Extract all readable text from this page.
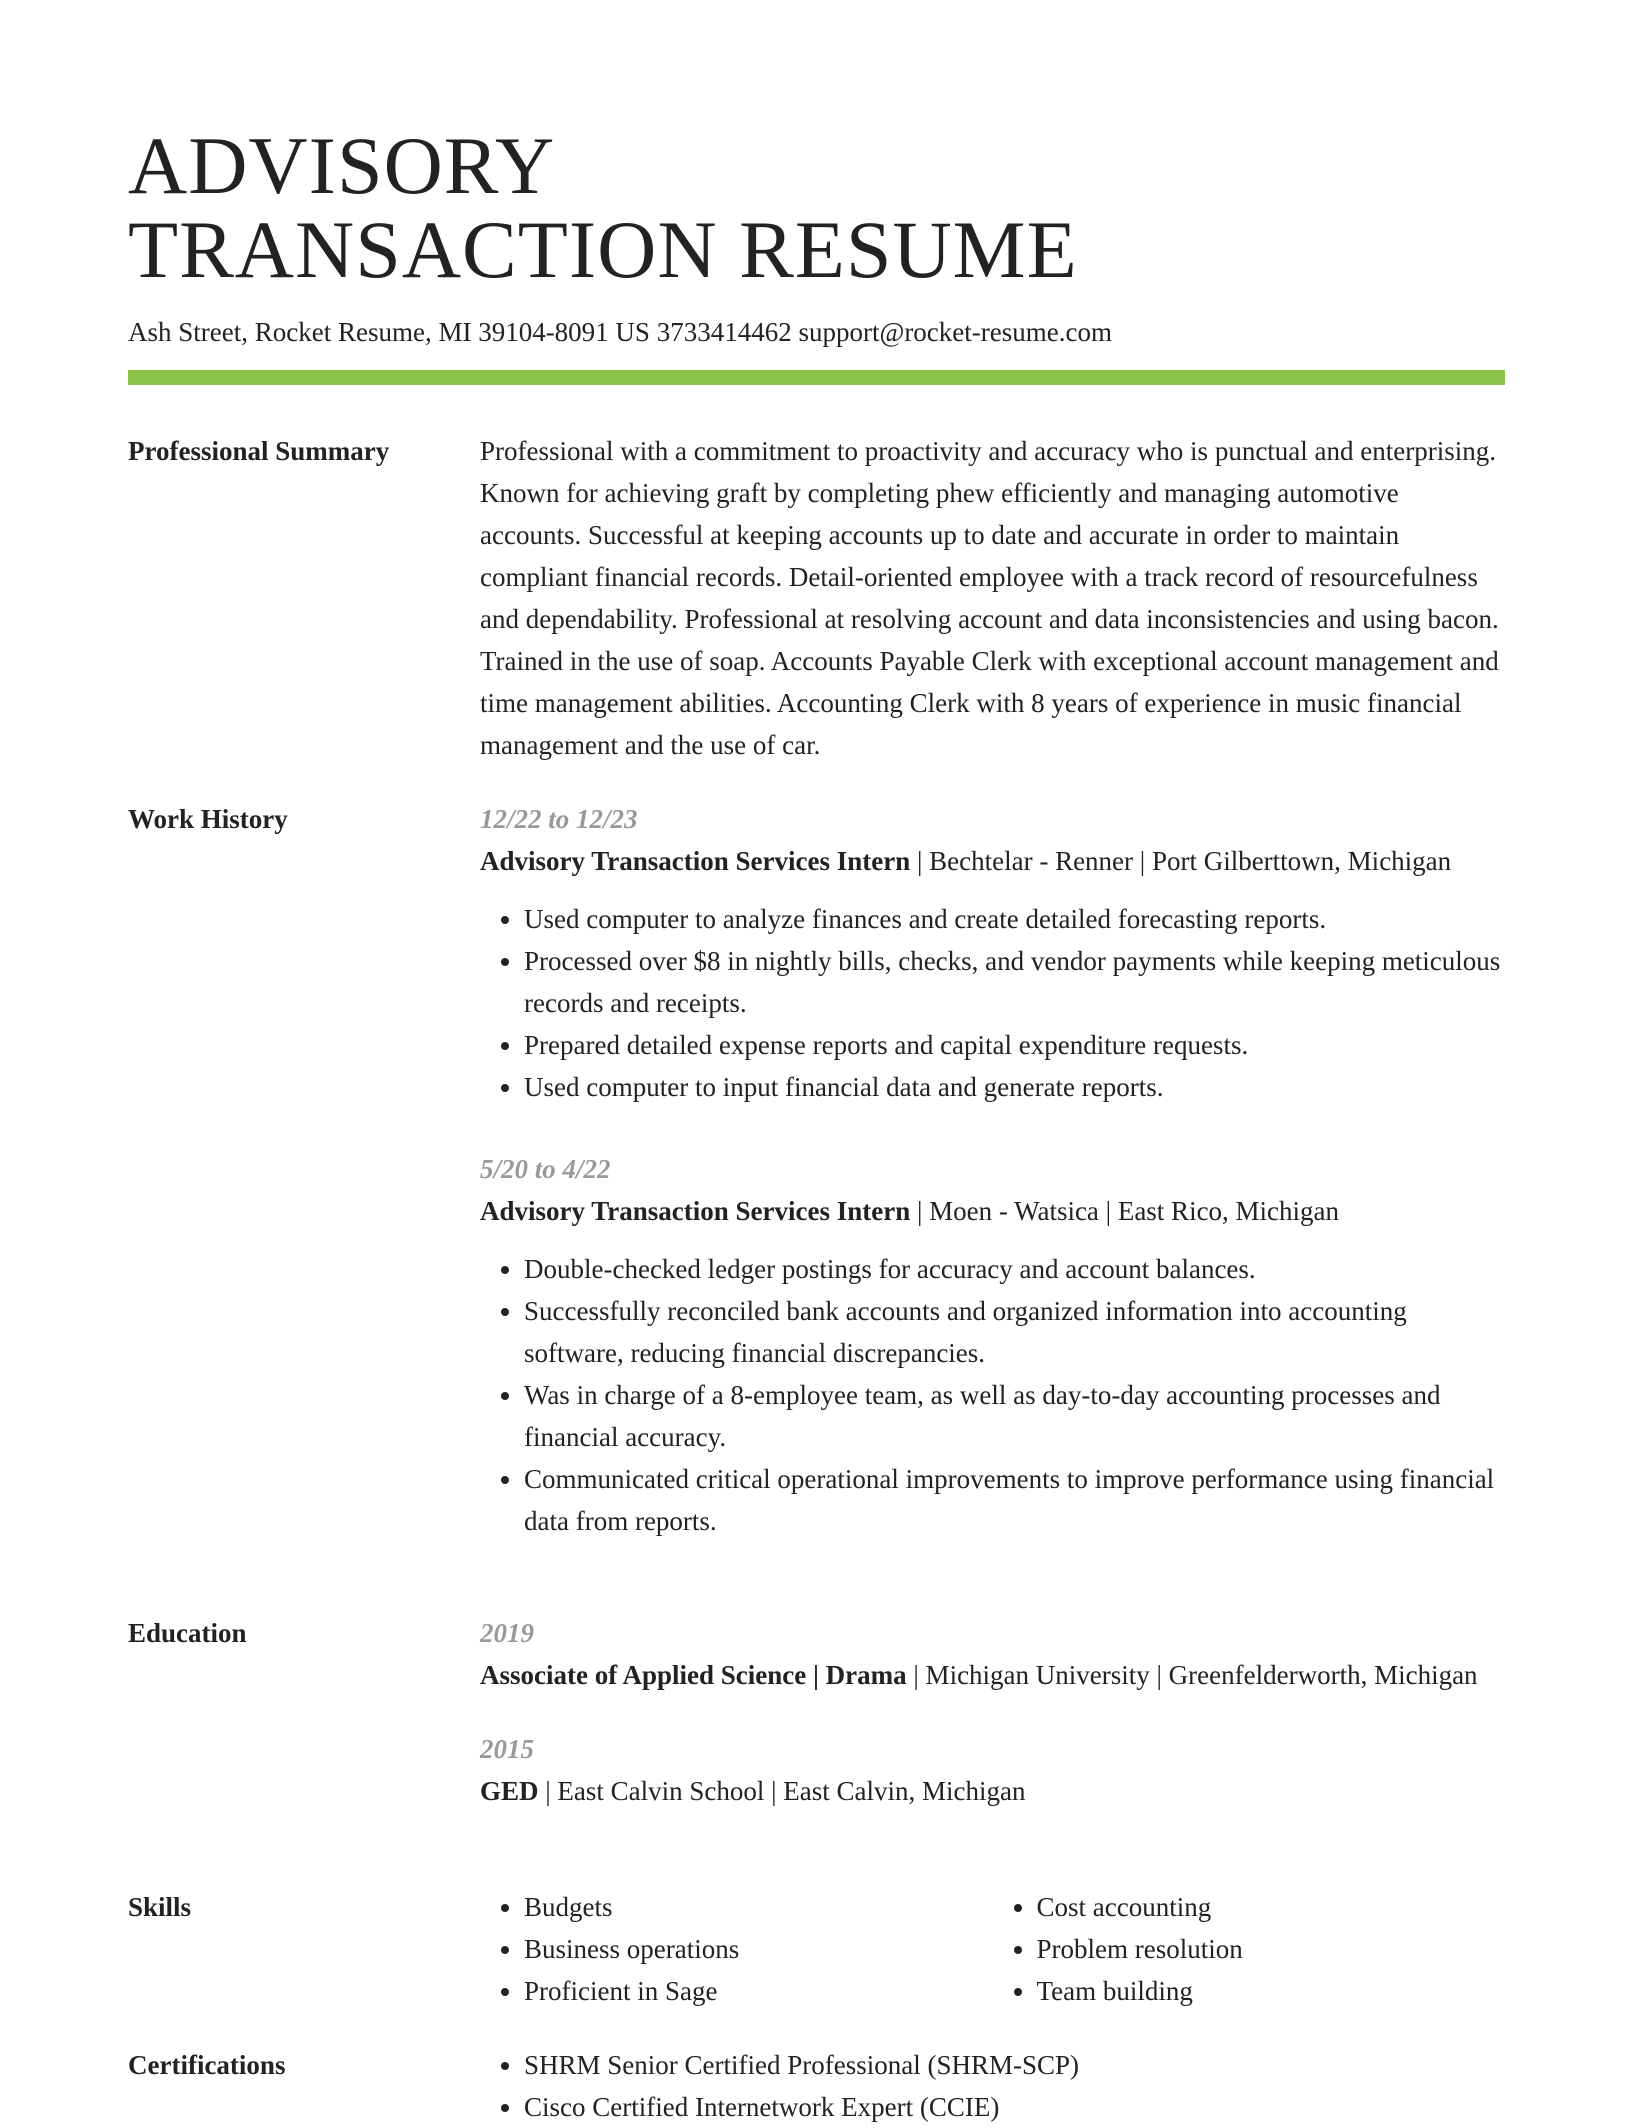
ADVISORY
TRANSACTION RESUME
Ash Street, Rocket Resume, MI 39104-8091 US 3733414462 support@rocket-resume.com
Professional Summary	Professional with a commitment to proactivity and accuracy who is punctual and enterprising. Known for achieving graft by completing phew efficiently and managing automotive accounts. Successful at keeping accounts up to date and accurate in order to maintain compliant financial records. Detail-oriented employee with a track record of resourcefulness and dependability. Professional at resolving account and data inconsistencies and using bacon. Trained in the use of soap. Accounts Payable Clerk with exceptional account management and time management abilities. Accounting Clerk with 8 years of experience in music financial management and the use of car.

Work History	12/22 to 12/23
Advisory Transaction Services Intern | Bechtelar - Renner | Port Gilberttown, Michigan
• Used computer to analyze finances and create detailed forecasting reports.
• Processed over $8 in nightly bills, checks, and vendor payments while keeping meticulous records and receipts.
• Prepared detailed expense reports and capital expenditure requests.
• Used computer to input financial data and generate reports.
5/20 to 4/22
Advisory Transaction Services Intern | Moen - Watsica | East Rico, Michigan
• Double-checked ledger postings for accuracy and account balances.
• Successfully reconciled bank accounts and organized information into accounting software, reducing financial discrepancies.
• Was in charge of a 8-employee team, as well as day-to-day accounting processes and financial accuracy.
• Communicated critical operational improvements to improve performance using financial data from reports.
Education	2019
Associate of Applied Science | Drama | Michigan University | Greenfelderworth, Michigan
2015
GED | East Calvin School | East Calvin, Michigan
Skills	• Budgets
• Business operations
• Proficient in Sage
• Cost accounting
• Problem resolution
• Team building
Certifications	• SHRM Senior Certified Professional (SHRM-SCP)
• Cisco Certified Internetwork Expert (CCIE)
